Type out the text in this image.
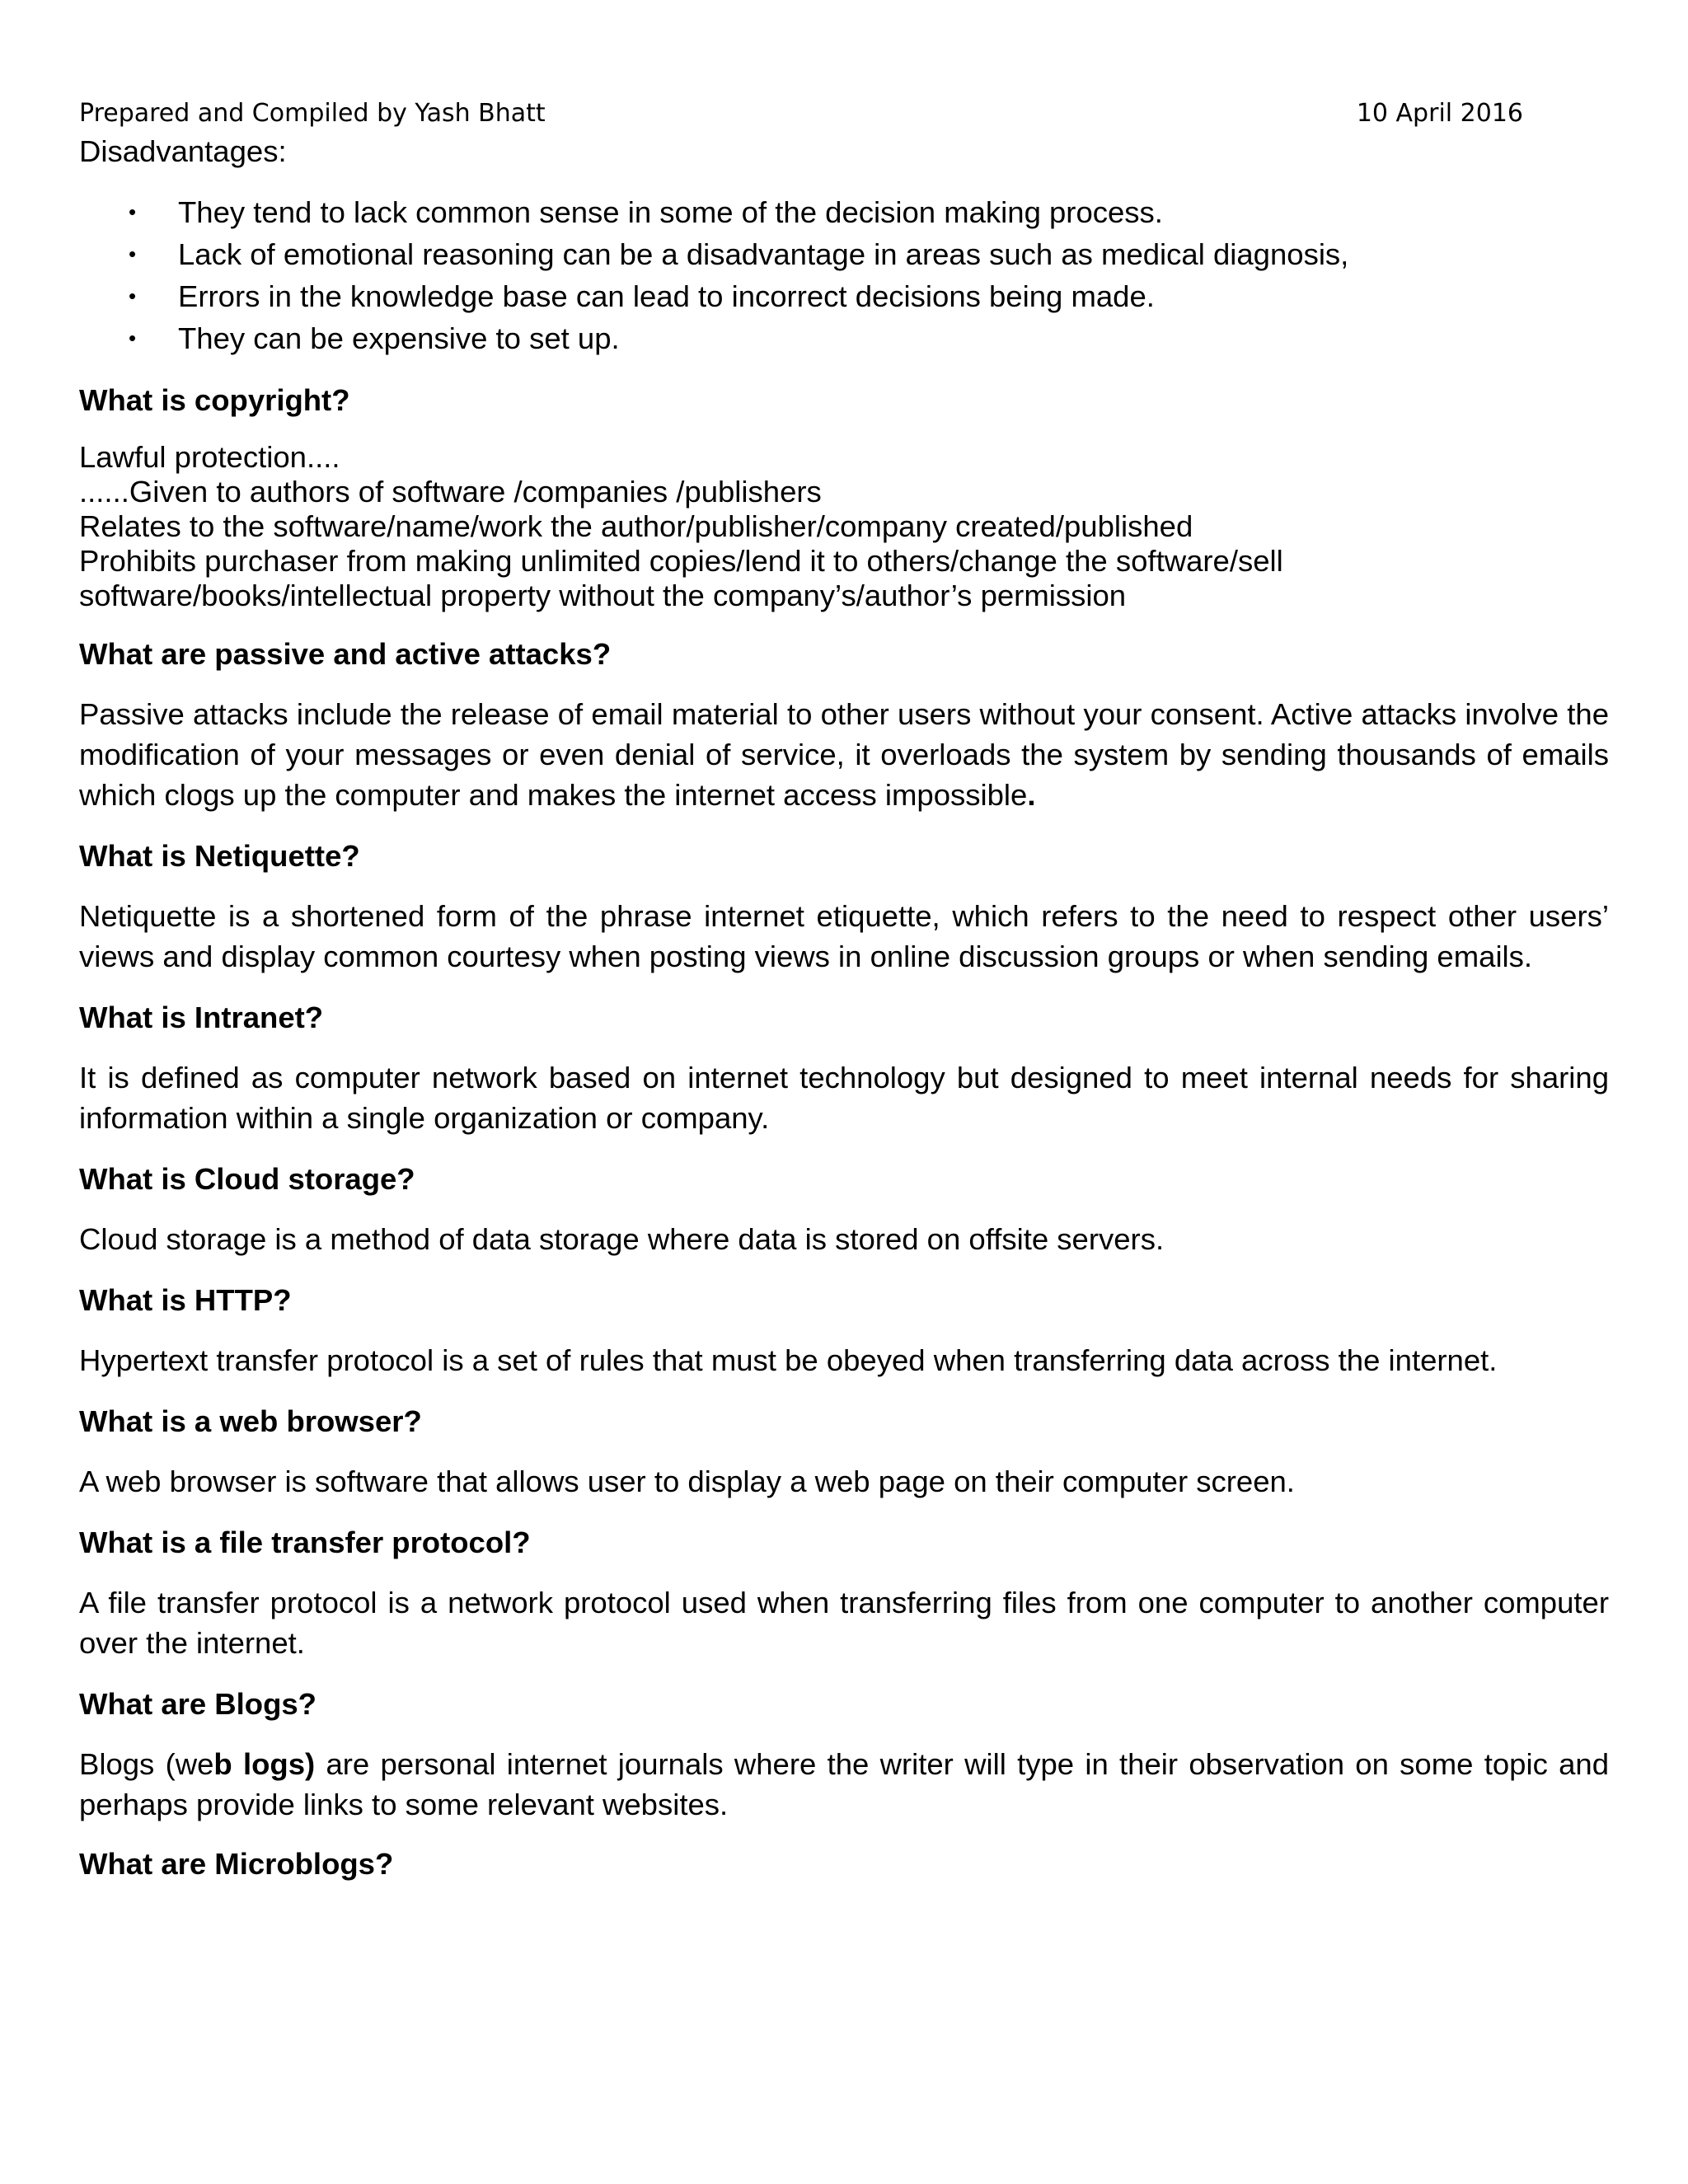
Prepared and Compiled by Yash Bhatt	10 April 2016
Disadvantages:
• They tend to lack common sense in some of the decision making process.
• Lack of emotional reasoning can be a disadvantage in areas such as medical diagnosis,
• Errors in the knowledge base can lead to incorrect decisions being made.
• They can be expensive to set up.
What is copyright?
Lawful protection....
......Given to authors of software /companies /publishers
Relates to the software/name/work the author/publisher/company created/published
Prohibits purchaser from making unlimited copies/lend it to others/change the software/sell
software/books/intellectual property without the company’s/author’s permission
What are passive and active attacks?
Passive attacks include the release of email material to other users without your consent. Active attacks involve the modification of your messages or even denial of service, it overloads the system by sending thousands of emails which clogs up the computer and makes the internet access impossible.
What is Netiquette?
Netiquette is a shortened form of the phrase internet etiquette, which refers to the need to respect other users’ views and display common courtesy when posting views in online discussion groups or when sending emails.
What is Intranet?
It is defined as computer network based on internet technology but designed to meet internal needs for sharing information within a single organization or company.
What is Cloud storage?
Cloud storage is a method of data storage where data is stored on offsite servers.
What is HTTP?
Hypertext transfer protocol is a set of rules that must be obeyed when transferring data across the internet.
What is a web browser?
A web browser is software that allows user to display a web page on their computer screen.
What is a file transfer protocol?
A file transfer protocol is a network protocol used when transferring files from one computer to another computer over the internet.
What are Blogs?
Blogs (web logs) are personal internet journals where the writer will type in their observation on some topic and perhaps provide links to some relevant websites.
What are Microblogs?
